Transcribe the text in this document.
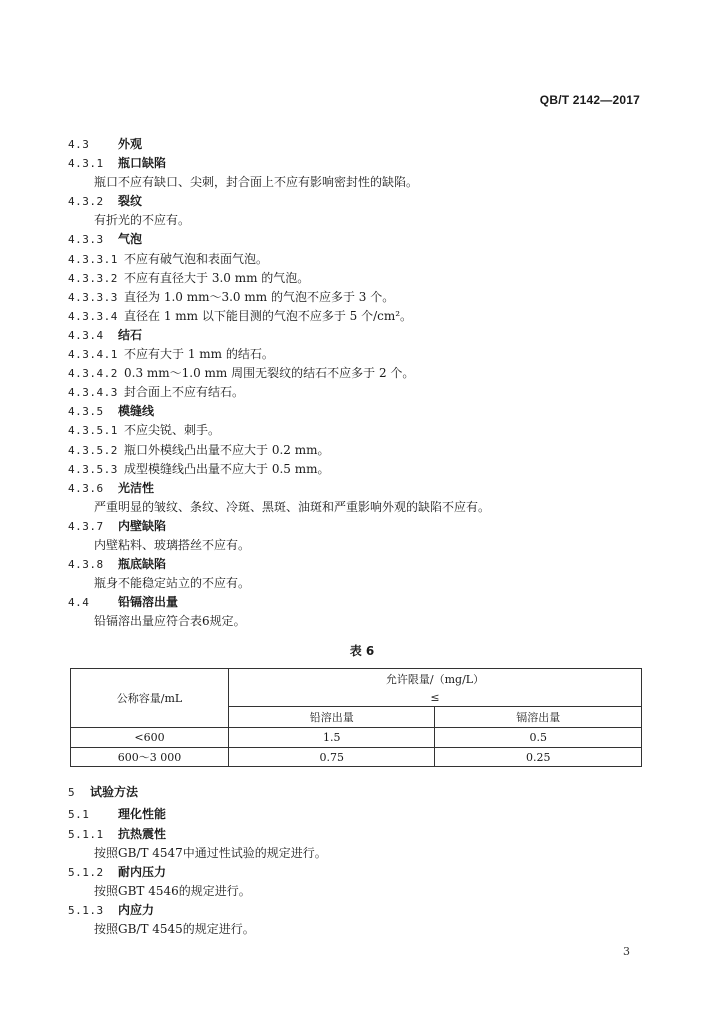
QB/T 2142—2017
4.3 外观
4.3.1 瓶口缺陷
瓶口不应有缺口、尖刺，封合面上不应有影响密封性的缺陷。
4.3.2 裂纹
有折光的不应有。
4.3.3 气泡
4.3.3.1 不应有破气泡和表面气泡。
4.3.3.2 不应有直径大于 3.0 mm 的气泡。
4.3.3.3 直径为 1.0 mm～3.0 mm 的气泡不应多于 3 个。
4.3.3.4 直径在 1 mm 以下能目测的气泡不应多于 5 个/cm²。
4.3.4 结石
4.3.4.1 不应有大于 1 mm 的结石。
4.3.4.2 0.3 mm～1.0 mm 周围无裂纹的结石不应多于 2 个。
4.3.4.3 封合面上不应有结石。
4.3.5 模缝线
4.3.5.1 不应尖锐、刺手。
4.3.5.2 瓶口外模线凸出量不应大于 0.2 mm。
4.3.5.3 成型模缝线凸出量不应大于 0.5 mm。
4.3.6 光洁性
严重明显的皱纹、条纹、冷斑、黑斑、油斑和严重影响外观的缺陷不应有。
4.3.7 内壁缺陷
内壁粘料、玻璃搭丝不应有。
4.3.8 瓶底缺陷
瓶身不能稳定站立的不应有。
4.4 铅镉溶出量
铅镉溶出量应符合表6规定。
表 6
公称容量/mL	允许限量/（mg/L）	
	≤	
	铅溶出量	镉溶出量
<600	1.5	0.5
600～3 000	0.75	0.25
5 试验方法
5.1 理化性能
5.1.1 抗热震性
按照GB/T 4547中通过性试验的规定进行。
5.1.2 耐内压力
按照GBT 4546的规定进行。
5.1.3 内应力
按照GB/T 4545的规定进行。
3
